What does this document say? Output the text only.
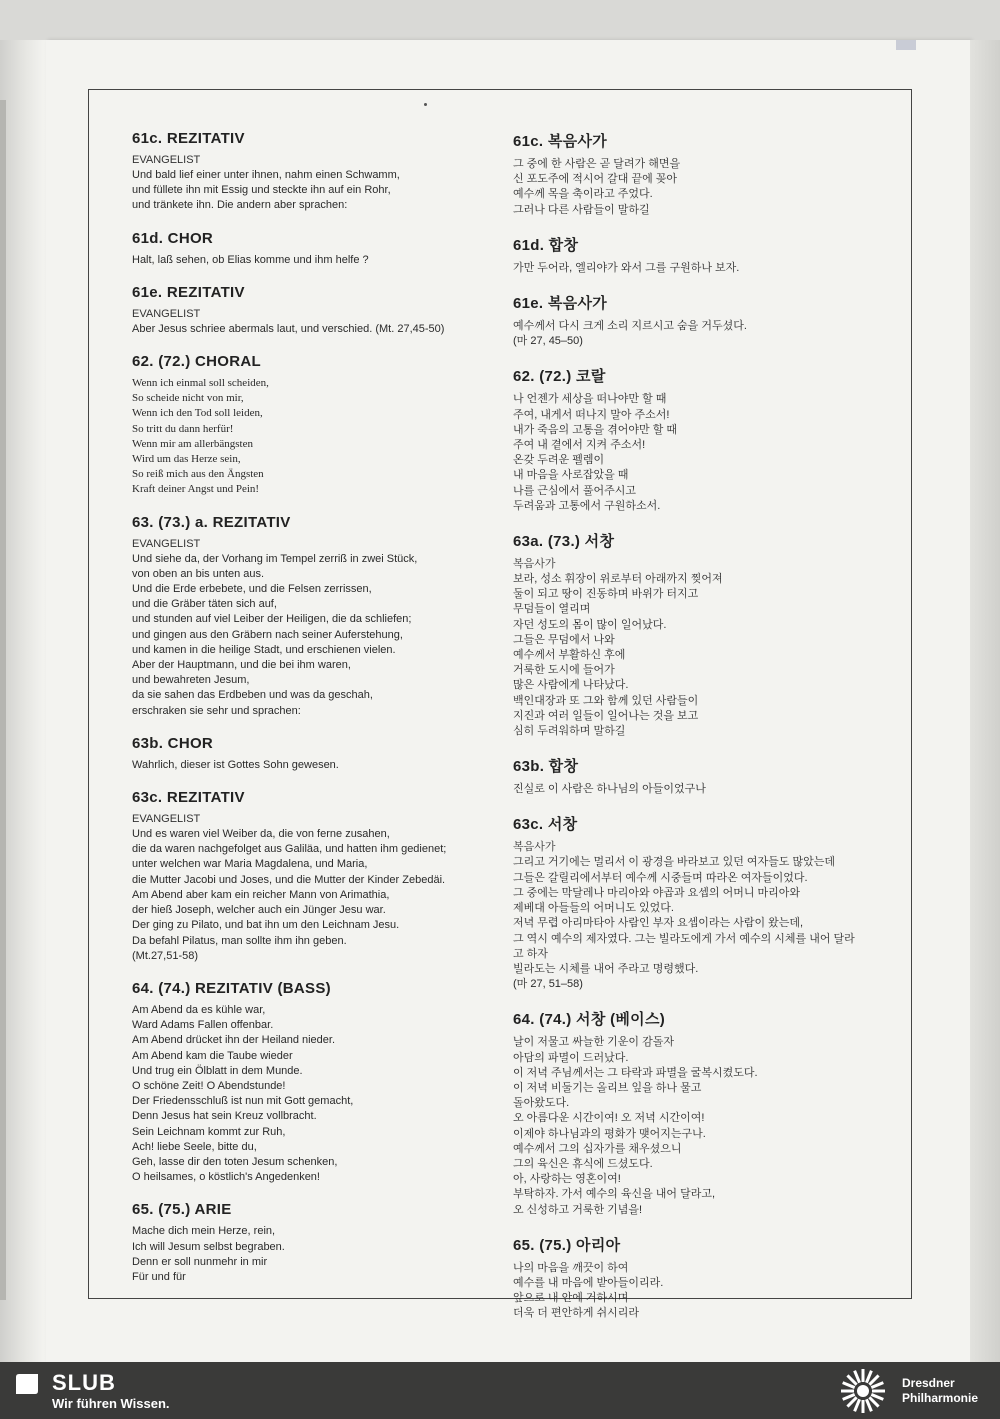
61c. REZITATIV
EVANGELIST
Und bald lief einer unter ihnen, nahm einen Schwamm,
und füllete ihn mit Essig und steckte ihn auf ein Rohr,
und tränkete ihn. Die andern aber sprachen:
61d. CHOR
Halt, laß sehen, ob Elias komme und ihm helfe ?
61e. REZITATIV
EVANGELIST
Aber Jesus schriee abermals laut, und verschied. (Mt. 27,45-50)
62. (72.) CHORAL
Wenn ich einmal soll scheiden,
So scheide nicht von mir,
Wenn ich den Tod soll leiden,
So tritt du dann herfür!
Wenn mir am allerbängsten
Wird um das Herze sein,
So reiß mich aus den Ängsten
Kraft deiner Angst und Pein!
63. (73.) a. REZITATIV
EVANGELIST
Und siehe da, der Vorhang im Tempel zerriß in zwei Stück,
von oben an bis unten aus.
Und die Erde erbebete, und die Felsen zerrissen,
und die Gräber täten sich auf,
und stunden auf viel Leiber der Heiligen, die da schliefen;
und gingen aus den Gräbern nach seiner Auferstehung,
und kamen in die heilige Stadt, und erschienen vielen.
Aber der Hauptmann, und die bei ihm waren,
und bewahreten Jesum,
da sie sahen das Erdbeben und was da geschah,
erschraken sie sehr und sprachen:
63b. CHOR
Wahrlich, dieser ist Gottes Sohn gewesen.
63c. REZITATIV
EVANGELIST
Und es waren viel Weiber da, die von ferne zusahen,
die da waren nachgefolget aus Galiläa, und hatten ihm gedienet;
unter welchen war Maria Magdalena, und Maria,
die Mutter Jacobi und Joses, und die Mutter der Kinder Zebedäi.
Am Abend aber kam ein reicher Mann von Arimathia,
der hieß Joseph, welcher auch ein Jünger Jesu war.
Der ging zu Pilato, und bat ihn um den Leichnam Jesu.
Da befahl Pilatus, man sollte ihm ihn geben.
(Mt.27,51-58)
64. (74.) REZITATIV (BASS)
Am Abend da es kühle war,
Ward Adams Fallen offenbar.
Am Abend drücket ihn der Heiland nieder.
Am Abend kam die Taube wieder
Und trug ein Ölblatt in dem Munde.
O schöne Zeit! O Abendstunde!
Der Friedensschluß ist nun mit Gott gemacht,
Denn Jesus hat sein Kreuz vollbracht.
Sein Leichnam kommt zur Ruh,
Ach! liebe Seele, bitte du,
Geh, lasse dir den toten Jesum schenken,
O heilsames, o köstlich's Angedenken!
65. (75.) ARIE
Mache dich mein Herze, rein,
Ich will Jesum selbst begraben.
Denn er soll nunmehr in mir
Für und für
61c. 복음사가
그 중에 한 사람은 곧 달려가 해면을
신 포도주에 적시어 갈대 끝에 꽂아
예수께 목을 축이라고 주었다.
그러나 다른 사람들이 말하길
61d. 합창
가만 두어라, 엘리야가 와서 그를 구원하나 보자.
61e. 복음사가
예수께서 다시 크게 소리 지르시고 숨을 거두셨다.
(마 27, 45–50)
62. (72.) 코랄
나 언젠가 세상을 떠나야만 할 때
주여, 내게서 떠나지 말아 주소서!
내가 죽음의 고통을 겪어야만 할 때
주여 내 곁에서 지켜 주소서!
온갖 두려운 펠렘이
내 마음을 사로잡았을 때
나를 근심에서 풀어주시고
두려움과 고통에서 구원하소서.
63a. (73.) 서창
복음사가
보라, 성소 휘장이 위로부터 아래까지 찢어져
둘이 되고 땅이 진동하며 바위가 터지고
무덤들이 열리며
자던 성도의 몸이 많이 일어났다.
그들은 무덤에서 나와
예수께서 부활하신 후에
거룩한 도시에 들어가
많은 사람에게 나타났다.
백인대장과 또 그와 함께 있던 사람들이
지진과 여러 일들이 일어나는 것을 보고
심히 두려워하며 말하길
63b. 합창
진실로 이 사람은 하나님의 아들이었구나
63c. 서창
복음사가
그리고 거기에는 멀리서 이 광경을 바라보고 있던 여자들도 많았는데
그들은 갈릴리에서부터 예수께 시중들며 따라온 여자들이었다.
그 중에는 막달레나 마리아와 야곱과 요셉의 어머니 마리아와
제베대 아들들의 어머니도 있었다.
저녁 무렵 아리마타아 사람인 부자 요셉이라는 사람이 왔는데,
그 역시 예수의 제자였다. 그는 빌라도에게 가서 예수의 시체를 내어 달라
고 하자
빌라도는 시체를 내어 주라고 명령했다.
(마 27, 51–58)
64. (74.) 서창 (베이스)
날이 저물고 싸늘한 기운이 감돌자
아담의 파멸이 드러났다.
이 저녁 주님께서는 그 타락과 파멸을 굴복시켰도다.
이 저녁 비둘기는 올리브 잎을 하나 물고
돌아왔도다.
오 아름다운 시간이여! 오 저녁 시간이여!
이제야 하나님과의 평화가 맺어지는구나.
예수께서 그의 십자가를 채우셨으니
그의 육신은 휴식에 드셨도다.
아, 사랑하는 영혼이여!
부탁하자. 가서 예수의 육신을 내어 달라고,
오 신성하고 거룩한 기념을!
65. (75.) 아리아
나의 마음을 깨끗이 하여
예수를 내 마음에 받아들이리라.
앞으로 내 안에 거하시며
더욱 더 편안하게 쉬시리라
SLUB
Wir führen Wissen.
Dresdner
Philharmonie
